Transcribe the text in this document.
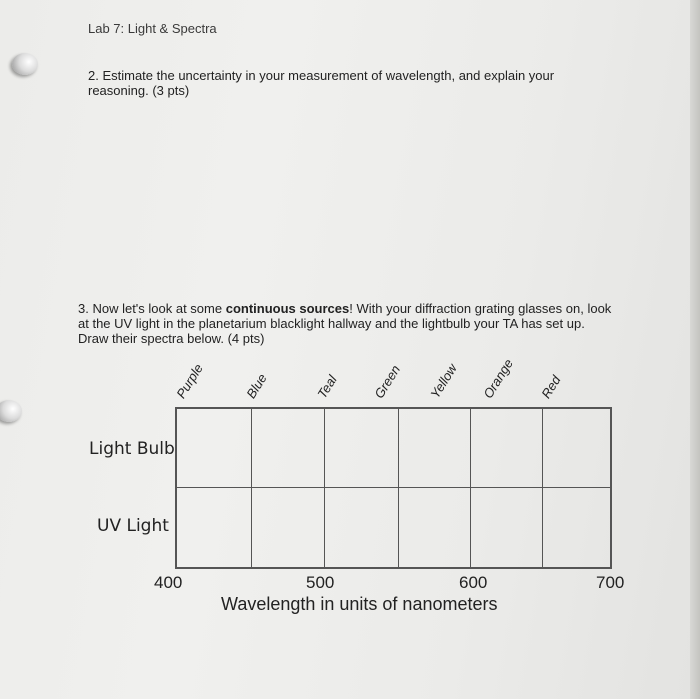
Lab 7: Light & Spectra
2. Estimate the uncertainty in your measurement of wavelength, and explain your reasoning. (3 pts)
3. Now let's look at some continuous sources! With your diffraction grating glasses on, look at the UV light in the planetarium blacklight hallway and the lightbulb your TA has set up. Draw their spectra below. (4 pts)
Purple	Blue	Teal Green Yellow Orange Red
Light Bulb
UV Light
400	500	600	700
Wavelength in units of nanometers
